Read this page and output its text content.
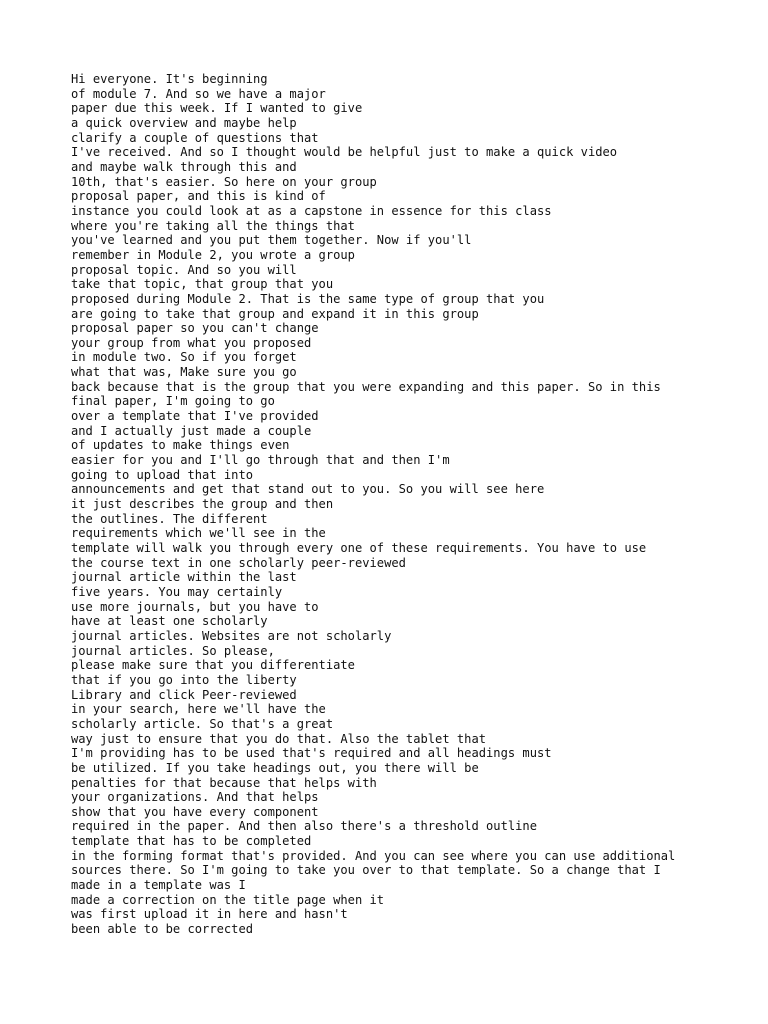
Hi everyone. It's beginning
of module 7. And so we have a major
paper due this week. If I wanted to give
a quick overview and maybe help
clarify a couple of questions that
I've received. And so I thought would be helpful just to make a quick video
and maybe walk through this and
10th, that's easier. So here on your group
proposal paper, and this is kind of
instance you could look at as a capstone in essence for this class
where you're taking all the things that
you've learned and you put them together. Now if you'll
remember in Module 2, you wrote a group
proposal topic. And so you will
take that topic, that group that you
proposed during Module 2. That is the same type of group that you
are going to take that group and expand it in this group
proposal paper so you can't change
your group from what you proposed
in module two. So if you forget
what that was, Make sure you go
back because that is the group that you were expanding and this paper. So in this
final paper, I'm going to go
over a template that I've provided
and I actually just made a couple
of updates to make things even
easier for you and I'll go through that and then I'm
going to upload that into
announcements and get that stand out to you. So you will see here
it just describes the group and then
the outlines. The different
requirements which we'll see in the
template will walk you through every one of these requirements. You have to use
the course text in one scholarly peer-reviewed
journal article within the last
five years. You may certainly
use more journals, but you have to
have at least one scholarly
journal articles. Websites are not scholarly
journal articles. So please,
please make sure that you differentiate
that if you go into the liberty
Library and click Peer-reviewed
in your search, here we'll have the
scholarly article. So that's a great
way just to ensure that you do that. Also the tablet that
I'm providing has to be used that's required and all headings must
be utilized. If you take headings out, you there will be
penalties for that because that helps with
your organizations. And that helps
show that you have every component
required in the paper. And then also there's a threshold outline
template that has to be completed
in the forming format that's provided. And you can see where you can use additional
sources there. So I'm going to take you over to that template. So a change that I
made in a template was I
made a correction on the title page when it
was first upload it in here and hasn't
been able to be corrected
